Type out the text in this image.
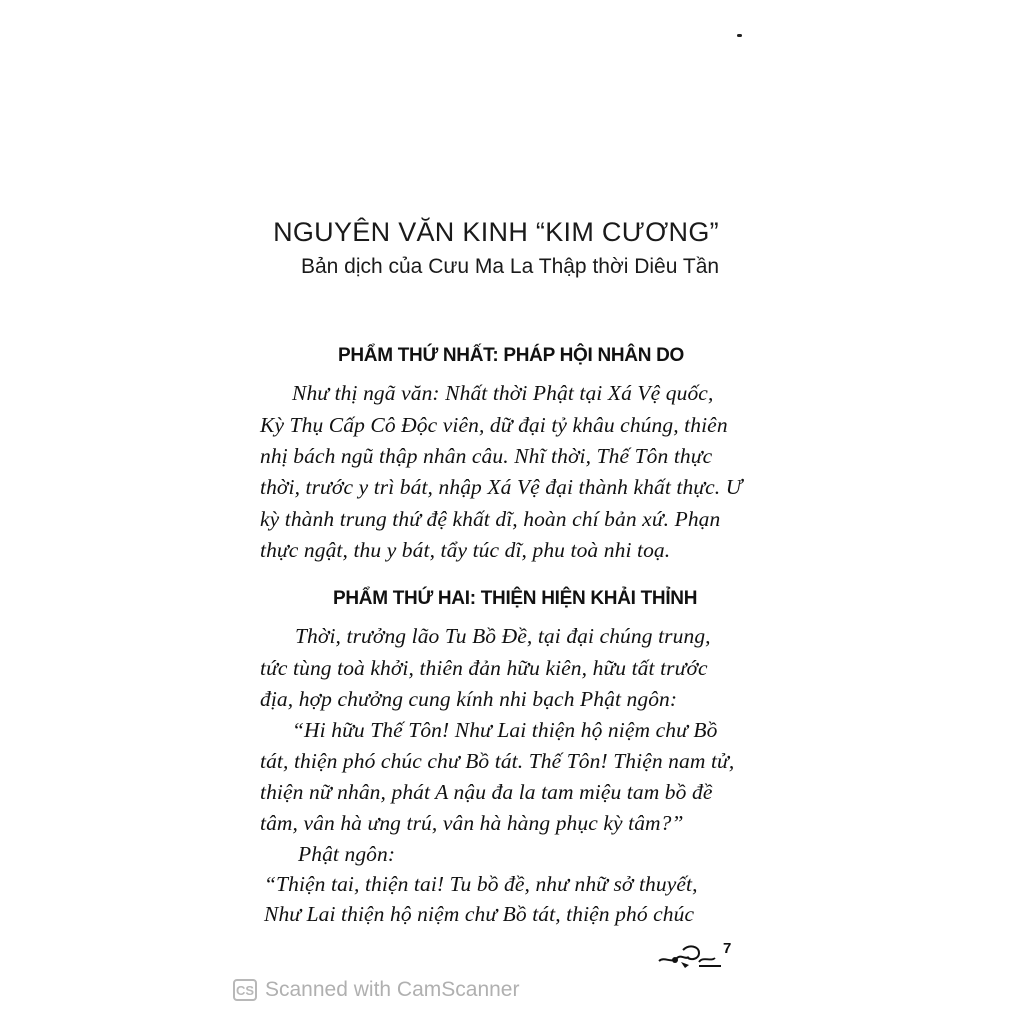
NGUYÊN VĂN KINH “KIM CƯƠNG”
Bản dịch của Cưu Ma La Thập thời Diêu Tần
PHẨM THỨ NHẤT: PHÁP HỘI NHÂN DO
Như thị ngã văn: Nhất thời Phật tại Xá Vệ quốc,
Kỳ Thụ Cấp Cô Độc viên, dữ đại tỷ khâu chúng, thiên
nhị bách ngũ thập nhân câu. Nhĩ thời, Thế Tôn thực
thời, trước y trì bát, nhập Xá Vệ đại thành khất thực. Ư
kỳ thành trung thứ đệ khất dĩ, hoàn chí bản xứ. Phạn
thực ngật, thu y bát, tẩy túc dĩ, phu toà nhi toạ.
PHẨM THỨ HAI: THIỆN HIỆN KHẢI THỈNH
Thời, trưởng lão Tu Bồ Đề, tại đại chúng trung,
tức tùng toà khởi, thiên đản hữu kiên, hữu tất trước
địa, hợp chưởng cung kính nhi bạch Phật ngôn:
“Hi hữu Thế Tôn! Như Lai thiện hộ niệm chư Bồ
tát, thiện phó chúc chư Bồ tát. Thế Tôn! Thiện nam tử,
thiện nữ nhân, phát A nậu đa la tam miệu tam bồ đề
tâm, vân hà ưng trú, vân hà hàng phục kỳ tâm?”
Phật ngôn:
“Thiện tai, thiện tai! Tu bồ đề, như nhữ sở thuyết,
Như Lai thiện hộ niệm chư Bồ tát, thiện phó chúc
7
CS Scanned with CamScanner
